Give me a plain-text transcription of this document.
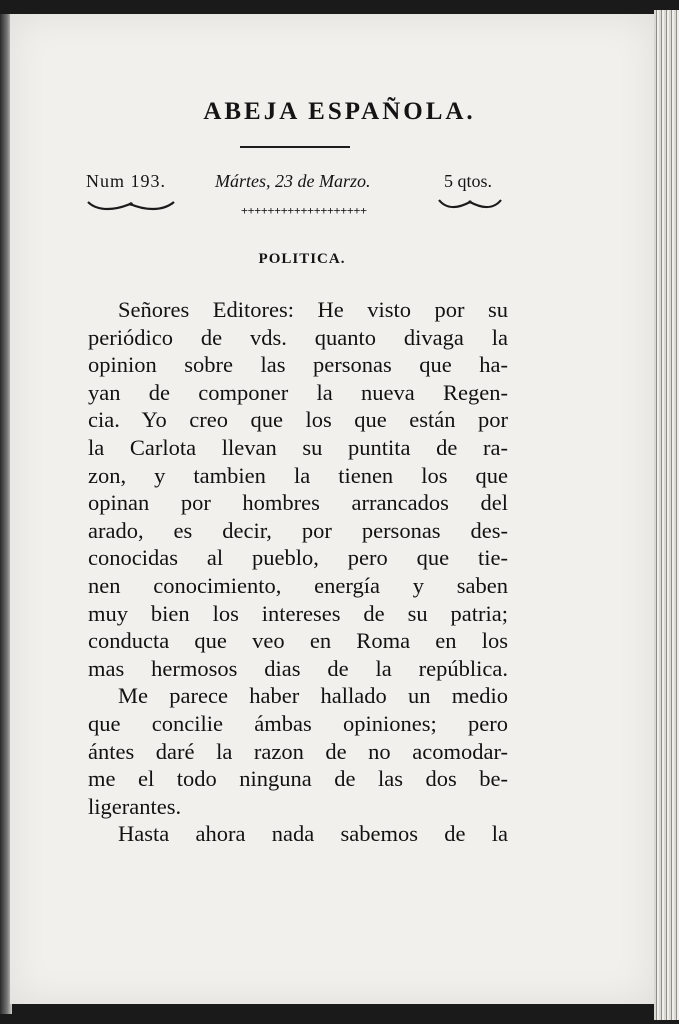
ABEJA ESPAÑOLA.
Num 193.	Mártes, 23 de Marzo.	5 qtos.
+++++++++++++++++++
POLITICA.
Señores Editores: He visto por su
periódico de vds. quanto divaga la
opinion sobre las personas que ha-
yan de componer la nueva Regen-
cia. Yo creo que los que están por
la Carlota llevan su puntita de ra-
zon, y tambien la tienen los que
opinan por hombres arrancados del
arado, es decir, por personas des-
conocidas al pueblo, pero que tie-
nen conocimiento, energía y saben
muy bien los intereses de su patria;
conducta que veo en Roma en los
mas hermosos dias de la república.
Me parece haber hallado un medio
que concilie ámbas opiniones; pero
ántes daré la razon de no acomodar-
me el todo ninguna de las dos be-
ligerantes.
Hasta ahora nada sabemos de la
